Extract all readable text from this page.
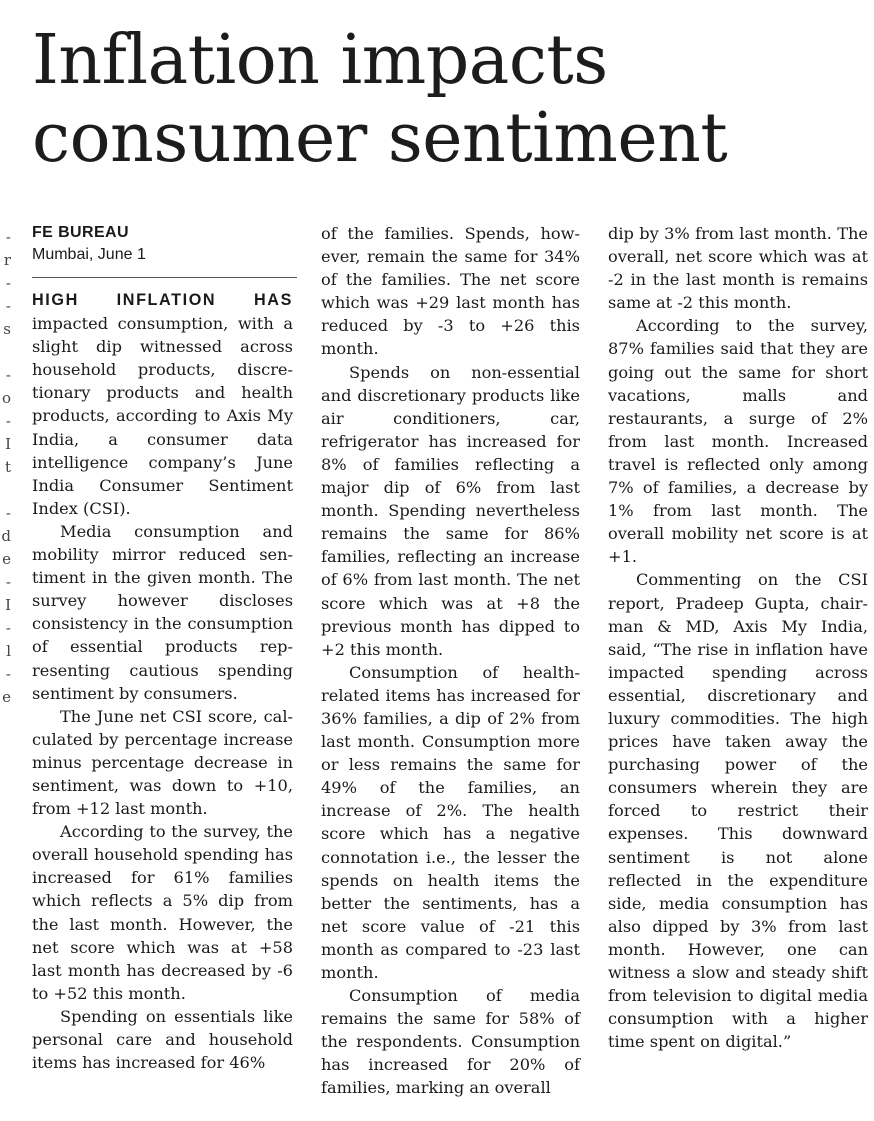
Inflation impacts
consumer sentiment
-
r
-
-
s
-
o
-
I
t
-
d
e
-
I
-
l
-
e
FE BUREAU
Mumbai, June 1

HIGH INFLATION HAS impacted consumption, with a slight dip witnessed across household products, discretionary products and health products, according to Axis My India, a consumer data intelligence company’s June India Consumer Sentiment Index (CSI).

Media consumption and mobility mirror reduced sentiment in the given month. The survey however discloses consistency in the consumption of essential products representing cautious spending sentiment by consumers.

The June net CSI score, calculated by percentage increase minus percentage decrease in sentiment, was down to +10, from +12 last month.

According to the survey, the overall household spending has increased for 61% families which reflects a 5% dip from the last month. However, the net score which was at +58 last month has decreased by -6 to +52 this month.

Spending on essentials like personal care and household items has increased for 46%

of the families. Spends, however, remain the same for 34% of the families. The net score which was +29 last month has reduced by -3 to +26 this month.

Spends on non-essential and discretionary products like air conditioners, car, refrigerator has increased for 8% of families reflecting a major dip of 6% from last month. Spending nevertheless remains the same for 86% families, reflecting an increase of 6% from last month. The net score which was at +8 the previous month has dipped to +2 this month.

Consumption of health-related items has increased for 36% families, a dip of 2% from last month. Consumption more or less remains the same for 49% of the families, an increase of 2%. The health score which has a negative connotation i.e., the lesser the spends on health items the better the sentiments, has a net score value of -21 this month as compared to -23 last month.

Consumption of media remains the same for 58% of the respondents. Consumption has increased for 20% of families, marking an overall

dip by 3% from last month. The overall, net score which was at -2 in the last month is remains same at -2 this month.

According to the survey, 87% families said that they are going out the same for short vacations, malls and restaurants, a surge of 2% from last month. Increased travel is reflected only among 7% of families, a decrease by 1% from last month. The overall mobility net score is at +1.

Commenting on the CSI report, Pradeep Gupta, chairman & MD, Axis My India, said, “The rise in inflation have impacted spending across essential, discretionary and luxury commodities. The high prices have taken away the purchasing power of the consumers wherein they are forced to restrict their expenses. This downward sentiment is not alone reflected in the expenditure side, media consumption has also dipped by 3% from last month. However, one can witness a slow and steady shift from television to digital media consumption with a higher time spent on digital.”
